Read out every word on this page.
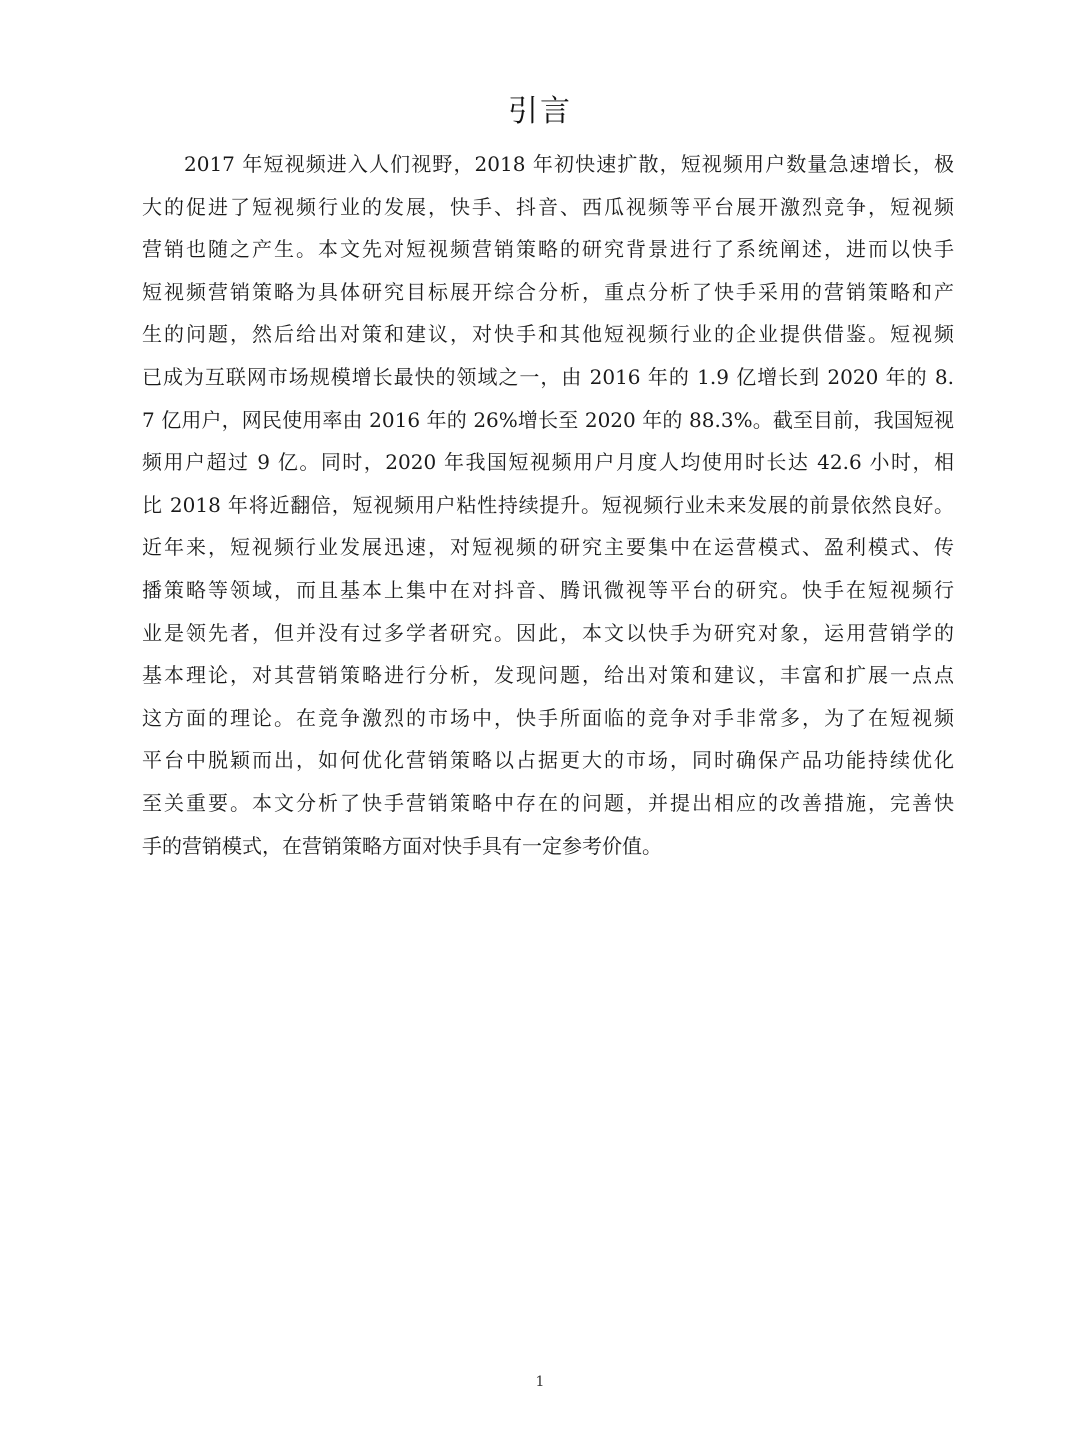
引言
2017 年短视频进入人们视野，2018 年初快速扩散，短视频用户数量急速增长，极
大的促进了短视频行业的发展，快手、抖音、西瓜视频等平台展开激烈竞争，短视频
营销也随之产生。本文先对短视频营销策略的研究背景进行了系统阐述，进而以快手
短视频营销策略为具体研究目标展开综合分析，重点分析了快手采用的营销策略和产
生的问题，然后给出对策和建议，对快手和其他短视频行业的企业提供借鉴。短视频
已成为互联网市场规模增长最快的领域之一，由 2016 年的 1.9 亿增长到 2020 年的 8.
7 亿用户，网民使用率由 2016 年的 26%增长至 2020 年的 88.3%。截至目前，我国短视
频用户超过 9 亿。同时，2020 年我国短视频用户月度人均使用时长达 42.6 小时，相
比 2018 年将近翻倍，短视频用户粘性持续提升。短视频行业未来发展的前景依然良好。
近年来，短视频行业发展迅速，对短视频的研究主要集中在运营模式、盈利模式、传
播策略等领域，而且基本上集中在对抖音、腾讯微视等平台的研究。快手在短视频行
业是领先者，但并没有过多学者研究。因此，本文以快手为研究对象，运用营销学的
基本理论，对其营销策略进行分析，发现问题，给出对策和建议，丰富和扩展一点点
这方面的理论。在竞争激烈的市场中，快手所面临的竞争对手非常多，为了在短视频
平台中脱颖而出，如何优化营销策略以占据更大的市场，同时确保产品功能持续优化
至关重要。本文分析了快手营销策略中存在的问题，并提出相应的改善措施，完善快
手的营销模式，在营销策略方面对快手具有一定参考价值。
1
